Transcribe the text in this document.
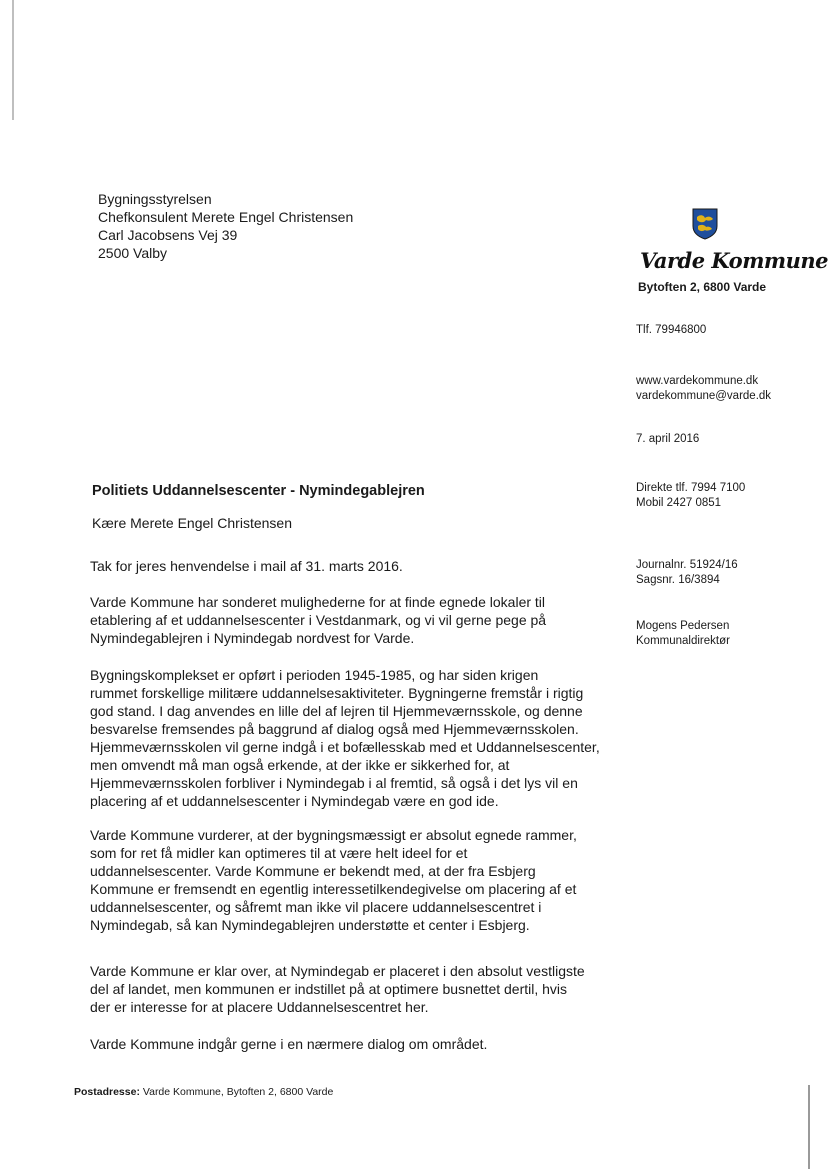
Bygningsstyrelsen
Chefkonsulent Merete Engel Christensen
Carl Jacobsens Vej 39
2500 Valby	Varde Kommune
Bytoften 2, 6800 Varde
Tlf. 79946800
www.vardekommune.dk
vardekommune@varde.dk
7. april 2016
Direkte tlf. 7994 7100
Mobil 2427 0851
Journalnr. 51924/16
Sagsnr. 16/3894
Mogens Pedersen
Kommunaldirektør
Politiets Uddannelsescenter - Nymindegablejren
Kære Merete Engel Christensen
Tak for jeres henvendelse i mail af 31. marts 2016.
Varde Kommune har sonderet mulighederne for at finde egnede lokaler til
etablering af et uddannelsescenter i Vestdanmark, og vi vil gerne pege på
Nymindegablejren i Nymindegab nordvest for Varde.
Bygningskomplekset er opført i perioden 1945-1985, og har siden krigen
rummet forskellige militære uddannelsesaktiviteter. Bygningerne fremstår i rigtig
god stand. I dag anvendes en lille del af lejren til Hjemmeværnsskole, og denne
besvarelse fremsendes på baggrund af dialog også med Hjemmeværnsskolen.
Hjemmeværnsskolen vil gerne indgå i et bofællesskab med et Uddannelsescenter,
men omvendt må man også erkende, at der ikke er sikkerhed for, at
Hjemmeværnsskolen forbliver i Nymindegab i al fremtid, så også i det lys vil en
placering af et uddannelsescenter i Nymindegab være en god ide.
Varde Kommune vurderer, at der bygningsmæssigt er absolut egnede rammer,
som for ret få midler kan optimeres til at være helt ideel for et
uddannelsescenter. Varde Kommune er bekendt med, at der fra Esbjerg
Kommune er fremsendt en egentlig interessetilkendegivelse om placering af et
uddannelsescenter, og såfremt man ikke vil placere uddannelsescentret i
Nymindegab, så kan Nymindegablejren understøtte et center i Esbjerg.
Varde Kommune er klar over, at Nymindegab er placeret i den absolut vestligste
del af landet, men kommunen er indstillet på at optimere busnettet dertil, hvis
der er interesse for at placere Uddannelsescentret her.
Varde Kommune indgår gerne i en nærmere dialog om området.
Postadresse: Varde Kommune, Bytoften 2, 6800 Varde
